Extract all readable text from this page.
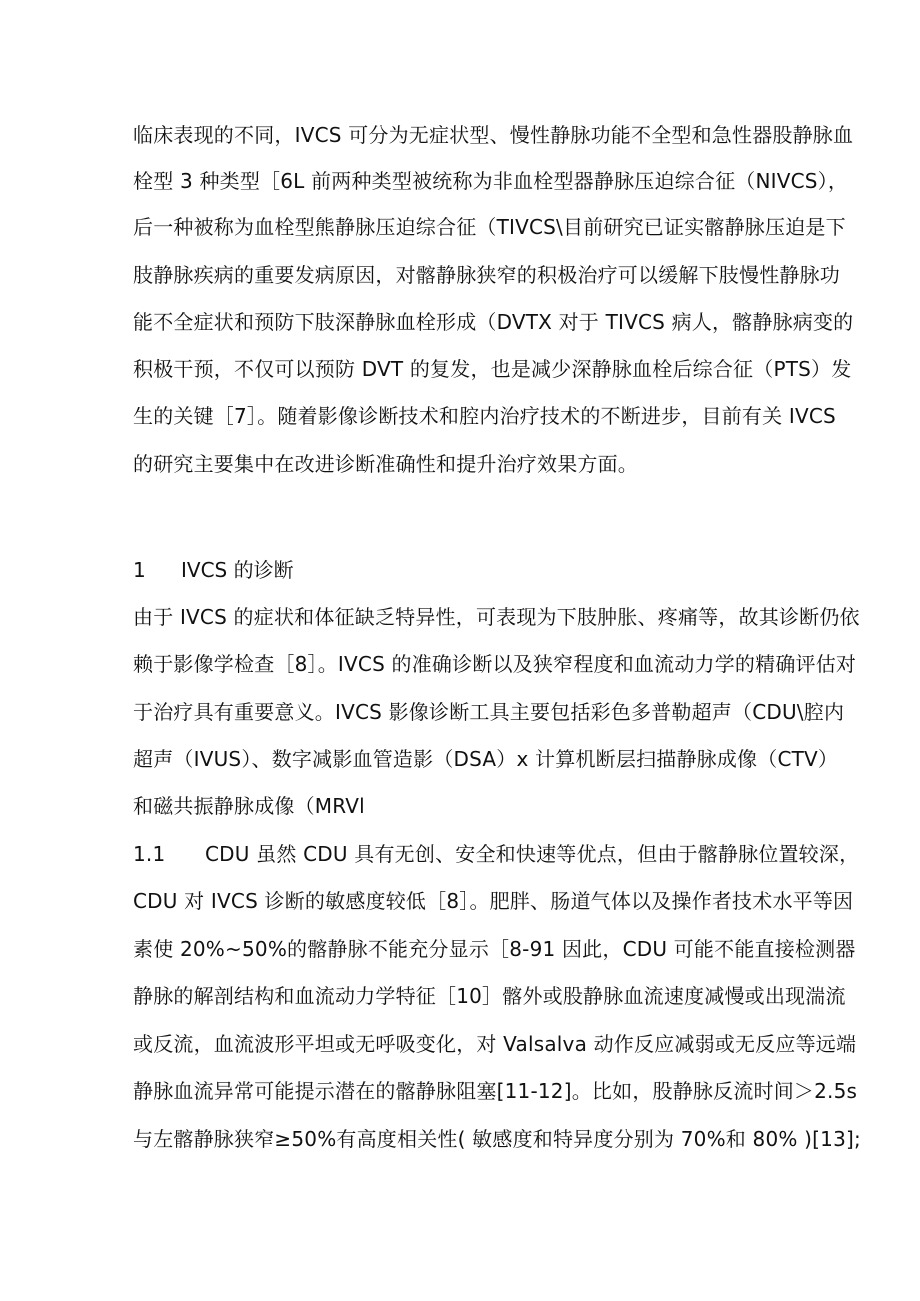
临床表现的不同，IVCS 可分为无症状型、慢性静脉功能不全型和急性器股静脉血
栓型 3 种类型［6L 前两种类型被统称为非血栓型器静脉压迫综合征（NIVCS），
后一种被称为血栓型熊静脉压迫综合征（TIVCS\目前研究已证实髂静脉压迫是下
肢静脉疾病的重要发病原因，对髂静脉狭窄的积极治疗可以缓解下肢慢性静脉功
能不全症状和预防下肢深静脉血栓形成（DVTX 对于 TIVCS 病人，髂静脉病变的
积极干预，不仅可以预防 DVT 的复发，也是减少深静脉血栓后综合征（PTS）发
生的关键［7］。随着影像诊断技术和腔内治疗技术的不断进步，目前有关 IVCS
的研究主要集中在改进诊断准确性和提升治疗效果方面。
1 IVCS 的诊断
由于 IVCS 的症状和体征缺乏特异性，可表现为下肢肿胀、疼痛等，故其诊断仍依
赖于影像学检查［8］。IVCS 的准确诊断以及狭窄程度和血流动力学的精确评估对
于治疗具有重要意义。IVCS 影像诊断工具主要包括彩色多普勒超声（CDU\腔内
超声（IVUS）、数字减影血管造影（DSA）x 计算机断层扫描静脉成像（CTV）
和磁共振静脉成像（MRVl
1.1 CDU 虽然 CDU 具有无创、安全和快速等优点，但由于髂静脉位置较深，
CDU 对 IVCS 诊断的敏感度较低［8］。肥胖、肠道气体以及操作者技术水平等因
素使 20%~50%的髂静脉不能充分显示［8-91 因此，CDU 可能不能直接检测器
静脉的解剖结构和血流动力学特征［10］髂外或股静脉血流速度减慢或出现湍流
或反流，血流波形平坦或无呼吸变化，对 Valsalva 动作反应减弱或无反应等远端
静脉血流异常可能提示潜在的髂静脉阻塞[11-12]。比如，股静脉反流时间＞2.5s
与左髂静脉狭窄≥50%有高度相关性( 敏感度和特异度分别为 70%和 80% )[13];
